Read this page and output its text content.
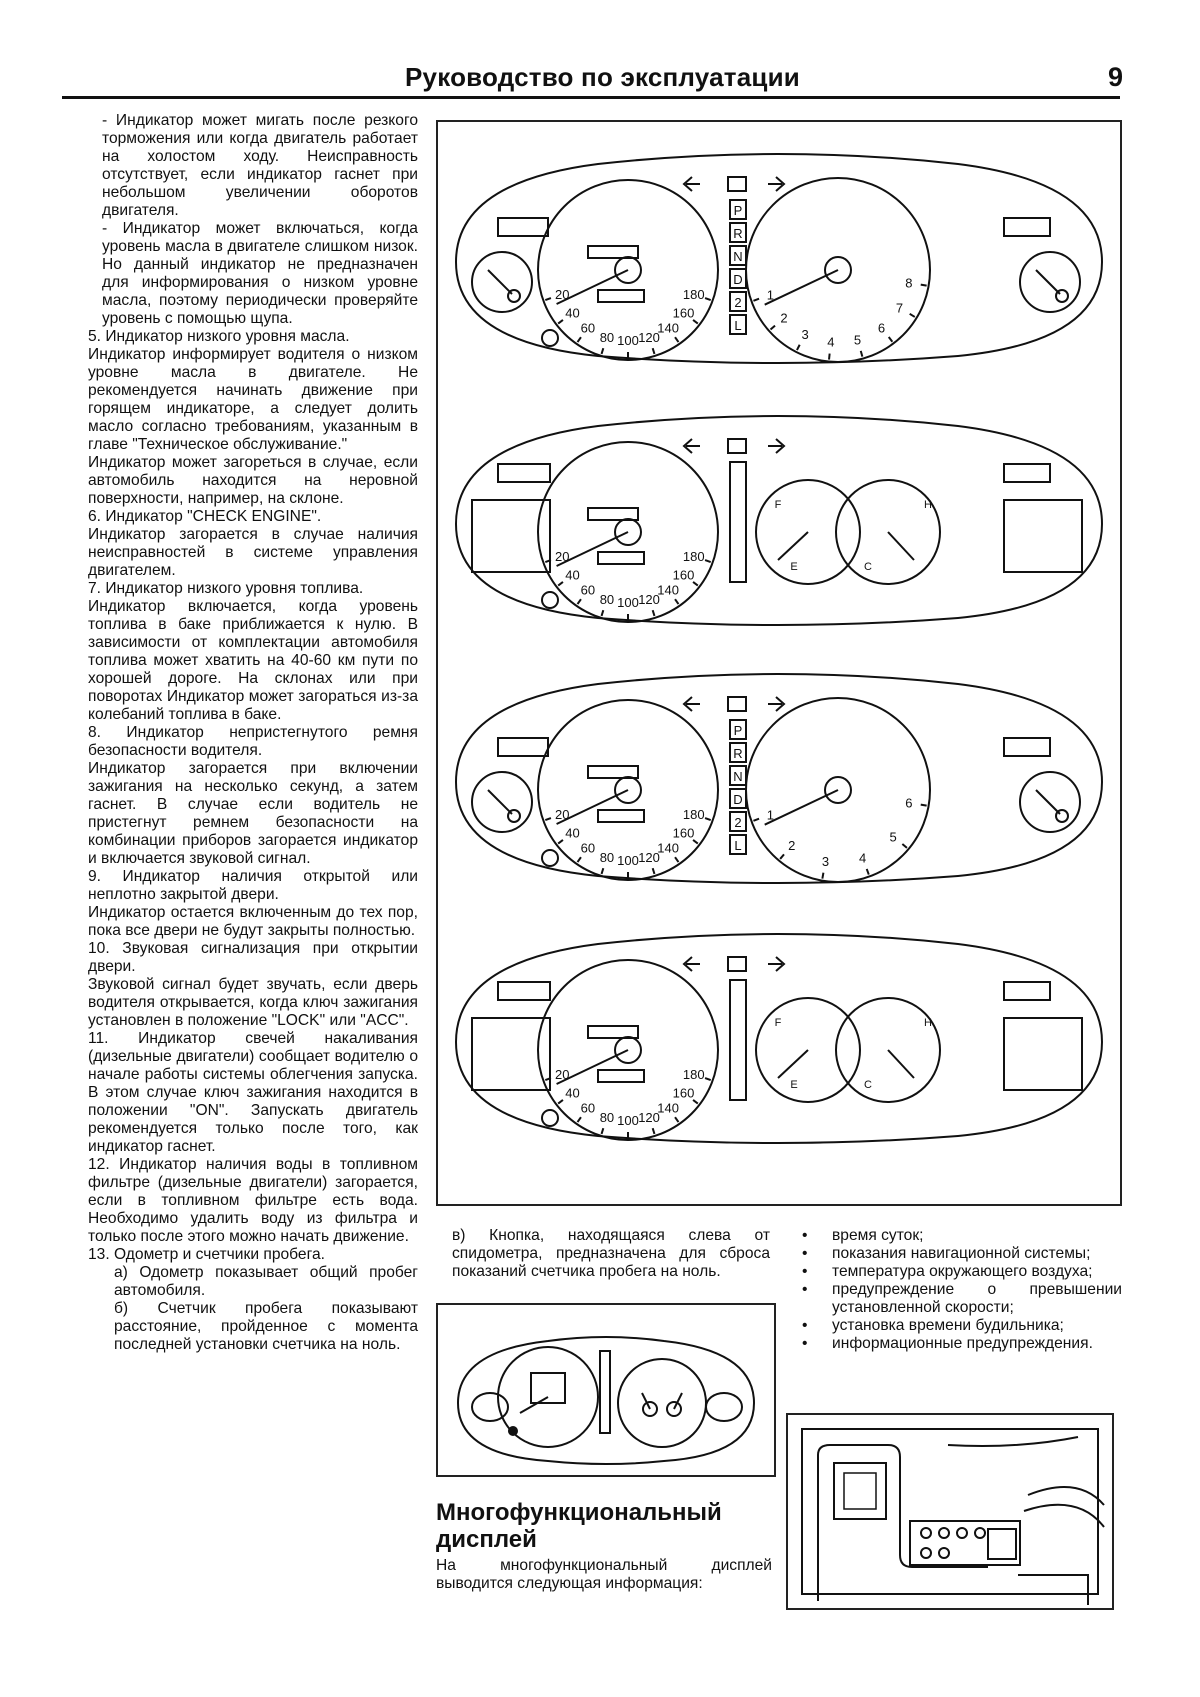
Руководство по эксплуатации	9

- Индикатор может мигать после резкого торможения или когда двигатель работает на холостом ходу. Неисправность отсутствует, если индикатор гаснет при небольшом увеличении оборотов двигателя.

- Индикатор может включаться, когда уровень масла в двигателе слишком низок. Но данный индикатор не предназначен для информирования о низком уровне масла, поэтому периодически проверяйте уровень с помощью щупа.

5. Индикатор низкого уровня масла.

Индикатор информирует водителя о низком уровне масла в двигателе. Не рекомендуется начинать движение при горящем индикаторе, а следует долить масло согласно требованиям, указанным в главе "Техническое обслуживание."

Индикатор может загореться в случае, если автомобиль находится на неровной поверхности, например, на склоне.

6. Индикатор "CHECK ENGINE".

Индикатор загорается в случае наличия неисправностей в системе управления двигателем.

7. Индикатор низкого уровня топлива.

Индикатор включается, когда уровень топлива в баке приближается к нулю. В зависимости от комплектации автомобиля топлива может хватить на 40-60 км пути по хорошей дороге. На склонах или при поворотах Индикатор может загораться из-за колебаний топлива в баке.

8. Индикатор непристегнутого ремня безопасности водителя.

Индикатор загорается при включении зажигания на несколько секунд, а затем гаснет. В случае если водитель не пристегнут ремнем безопасности на комбинации приборов загорается индикатор и включается звуковой сигнал.

9. Индикатор наличия открытой или неплотно закрытой двери.

Индикатор остается включенным до тех пор, пока все двери не будут закрыты полностью.

10. Звуковая сигнализация при открытии двери.

Звуковой сигнал будет звучать, если дверь водителя открывается, когда ключ зажигания установлен в положение "LOCK" или "ACC".

11. Индикатор свечей накаливания (дизельные двигатели) сообщает водителю о начале работы системы облегчения запуска. В этом случае ключ зажигания находится в положении "ON". Запускать двигатель рекомендуется только после того, как индикатор гаснет.

12. Индикатор наличия воды в топливном фильтре (дизельные двигатели) загорается, если в топливном фильтре есть вода. Необходимо удалить воду из фильтра и только после этого можно начать движение.

13. Одометр и счетчики пробега.

а) Одометр показывает общий пробег автомобиля.

б) Счетчик пробега показывают расстояние, пройденное с момента последней установки счетчика на ноль.

P
R
N
D
2
L
20
40
60
80 100 120
140
160
180	1
2
3
4 5
6
7
8
F
E
H
C
20
40
60
80 100 120
140
160
180
P
R
N
D
2
L
20
40
60
80 100 120
140
160
180	1
2
3 4
5
6
F
E
H
C
20
40
60
80 100 120
140
160
180
в) Кнопка, находящаяся слева от спидометра, предназначена для сброса показаний счетчика пробега на ноль.
• время суток;
• показания навигационной системы;
• температура окружающего воздуха;
• предупреждение о превышении установленной скорости;
• установка времени будильника;
• информационные предупреждения.
Многофункциональный дисплей

На многофункциональный дисплей выводится следующая информация:
